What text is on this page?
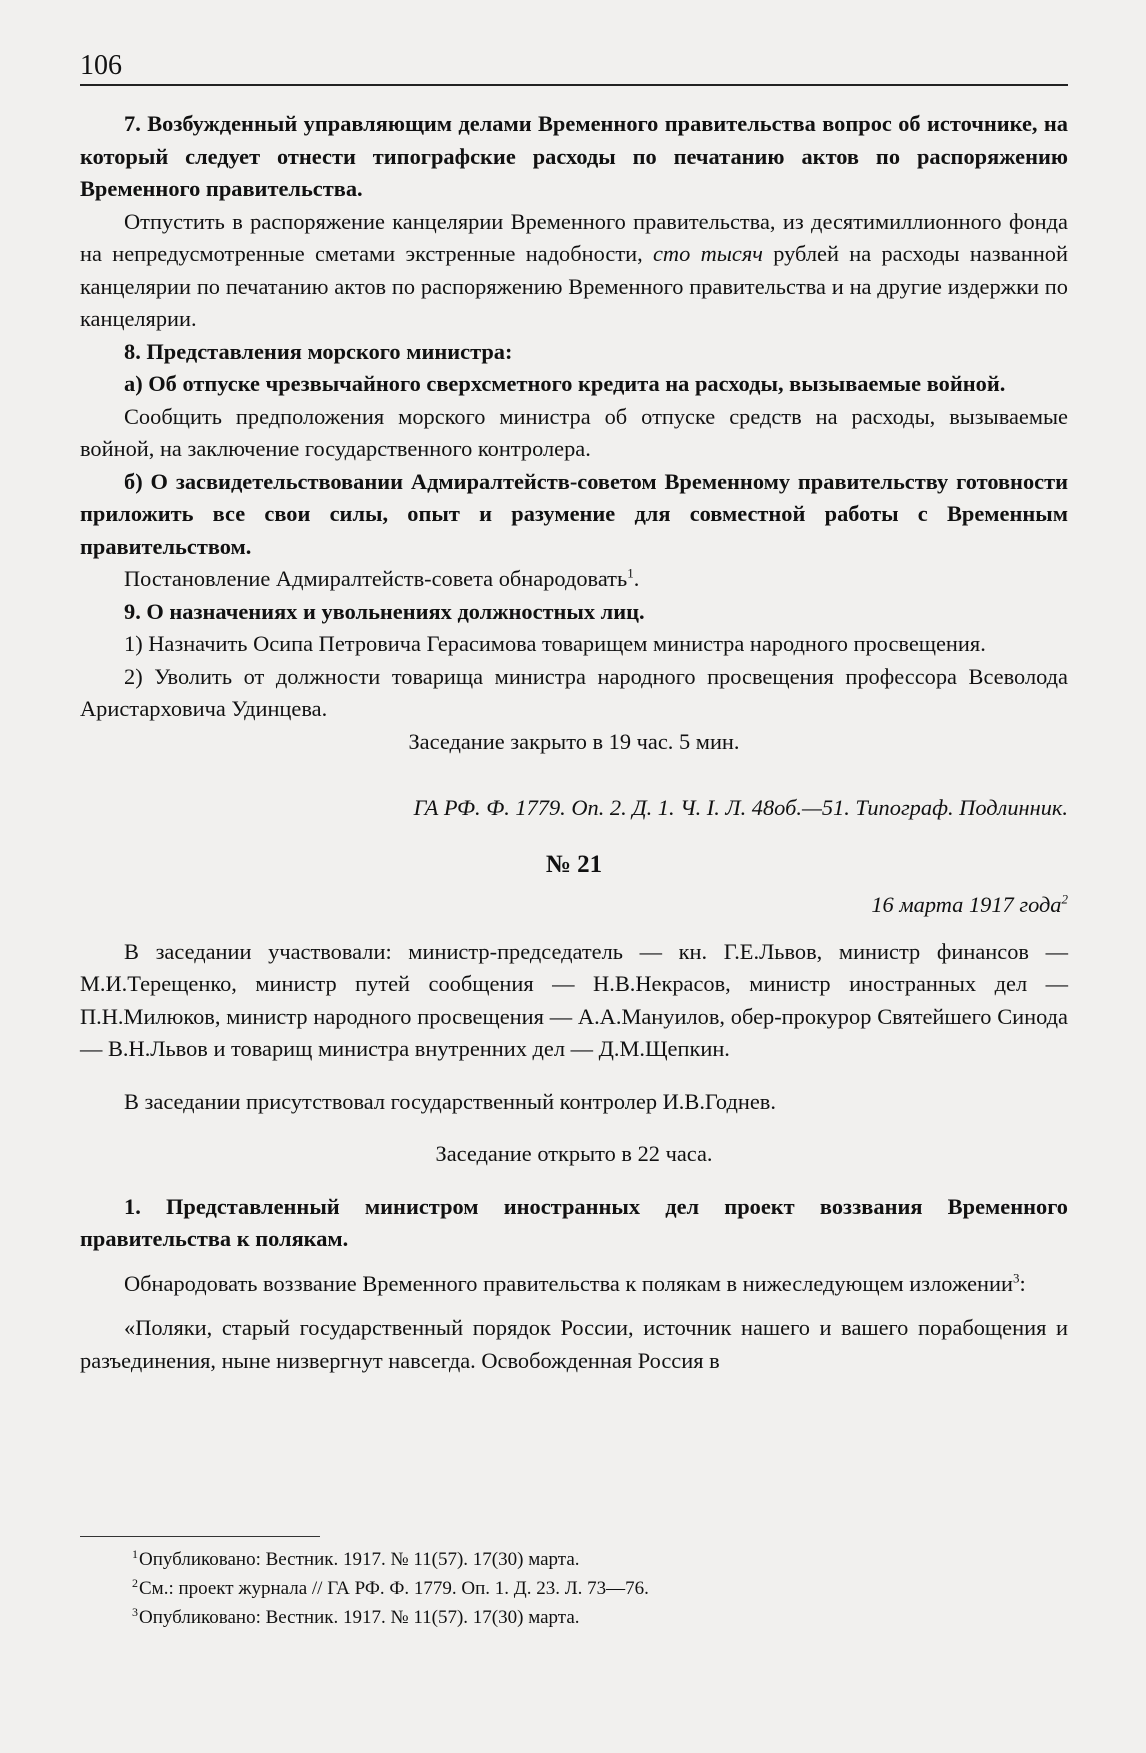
106

7. Возбужденный управляющим делами Временного правительства вопрос об источнике, на который следует отнести типографские расходы по печатанию актов по распоряжению Временного правительства.

Отпустить в распоряжение канцелярии Временного правительства, из десятимиллионного фонда на непредусмотренные сметами экстренные надобности, сто тысяч рублей на расходы названной канцелярии по печатанию актов по распоряжению Временного правительства и на другие издержки по канцелярии.

8. Представления морского министра:

а) Об отпуске чрезвычайного сверхсметного кредита на расходы, вызываемые войной.

Сообщить предположения морского министра об отпуске средств на расходы, вызываемые войной, на заключение государственного контролера.

б) О засвидетельствовании Адмиралтейств-советом Временному правительству готовности приложить все свои силы, опыт и разумение для совместной работы с Временным правительством.

Постановление Адмиралтейств-совета обнародовать$^1$.

9. О назначениях и увольнениях должностных лиц.

1) Назначить Осипа Петровича Герасимова товарищем министра народного просвещения.

2) Уволить от должности товарища министра народного просвещения профессора Всеволода Аристарховича Удинцева.

Заседание закрыто в 19 час. 5 мин.

ГА РФ. Ф. 1779. Оп. 2. Д. 1. Ч. I. Л. 48об.—51. Типограф. Подлинник.

№ 21

16 марта 1917 года$^2$

В заседании участвовали: министр-председатель — кн. Г.Е.Львов, министр финансов — М.И.Терещенко, министр путей сообщения — Н.В.Некрасов, министр иностранных дел — П.Н.Милюков, министр народного просвещения — А.А.Мануилов, обер-прокурор Святейшего Синода — В.Н.Львов и товарищ министра внутренних дел — Д.М.Щепкин.

В заседании присутствовал государственный контролер И.В.Годнев.

Заседание открыто в 22 часа.

1. Представленный министром иностранных дел проект воззвания Временного правительства к полякам.

Обнародовать воззвание Временного правительства к полякам в нижеследующем изложении$^3$:

«Поляки, старый государственный порядок России, источник нашего и вашего порабощения и разъединения, ныне низвергнут навсегда. Освобожденная Россия в

$^1$Опубликовано: Вестник. 1917. № 11(57). 17(30) марта.
$^2$См.: проект журнала // ГА РФ. Ф. 1779. Оп. 1. Д. 23. Л. 73—76.
$^3$Опубликовано: Вестник. 1917. № 11(57). 17(30) марта.
